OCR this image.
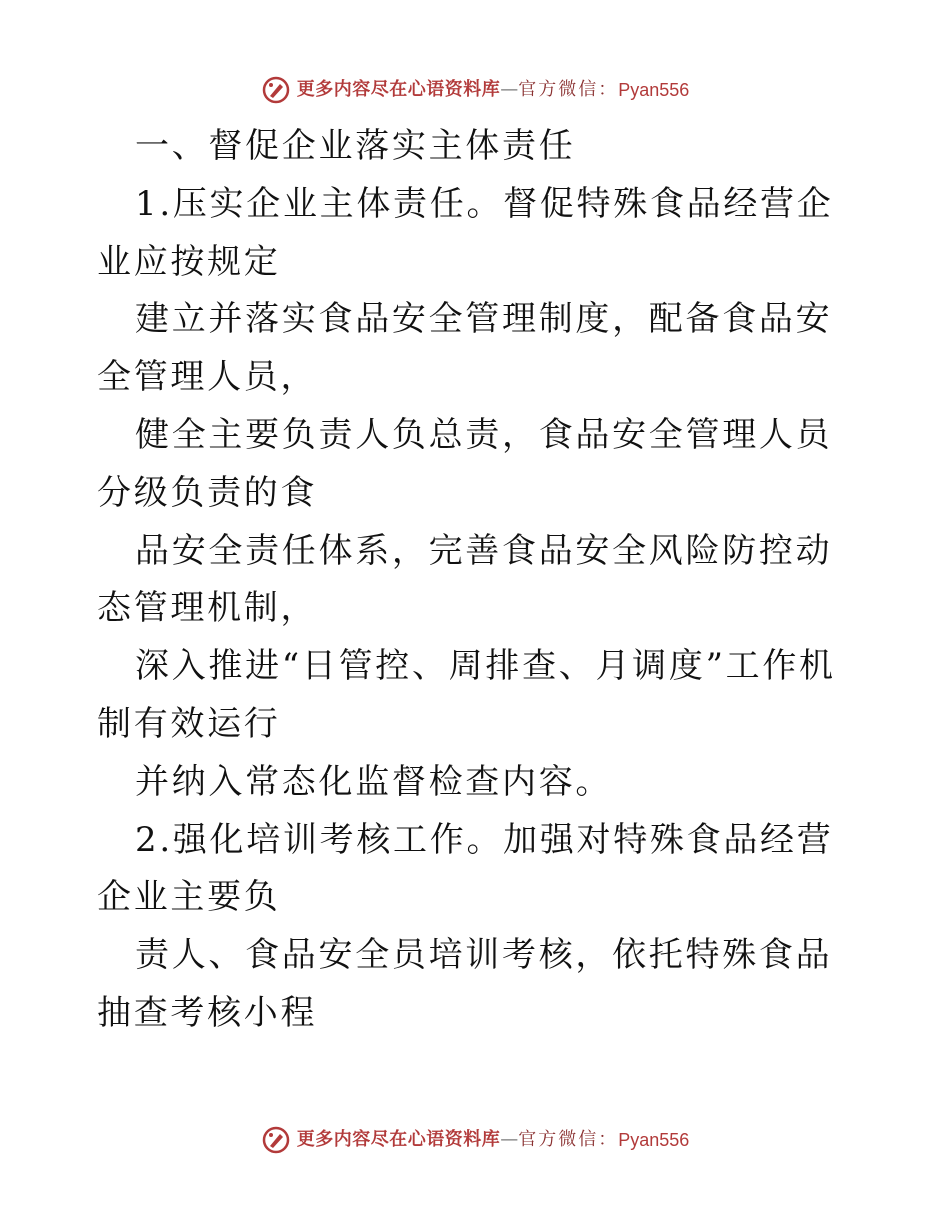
更多内容尽在心语资料库 — 官方微信： Pyan556

一、督促企业落实主体责任

1.压实企业主体责任。督促特殊食品经营企业应按规定

建立并落实食品安全管理制度，配备食品安全管理人员，

健全主要负责人负总责，食品安全管理人员分级负责的食

品安全责任体系，完善食品安全风险防控动态管理机制，

深入推进“日管控、周排查、月调度”工作机制有效运行

并纳入常态化监督检查内容。

2.强化培训考核工作。加强对特殊食品经营企业主要负

责人、食品安全员培训考核，依托特殊食品抽查考核小程

更多内容尽在心语资料库 — 官方微信： Pyan556
